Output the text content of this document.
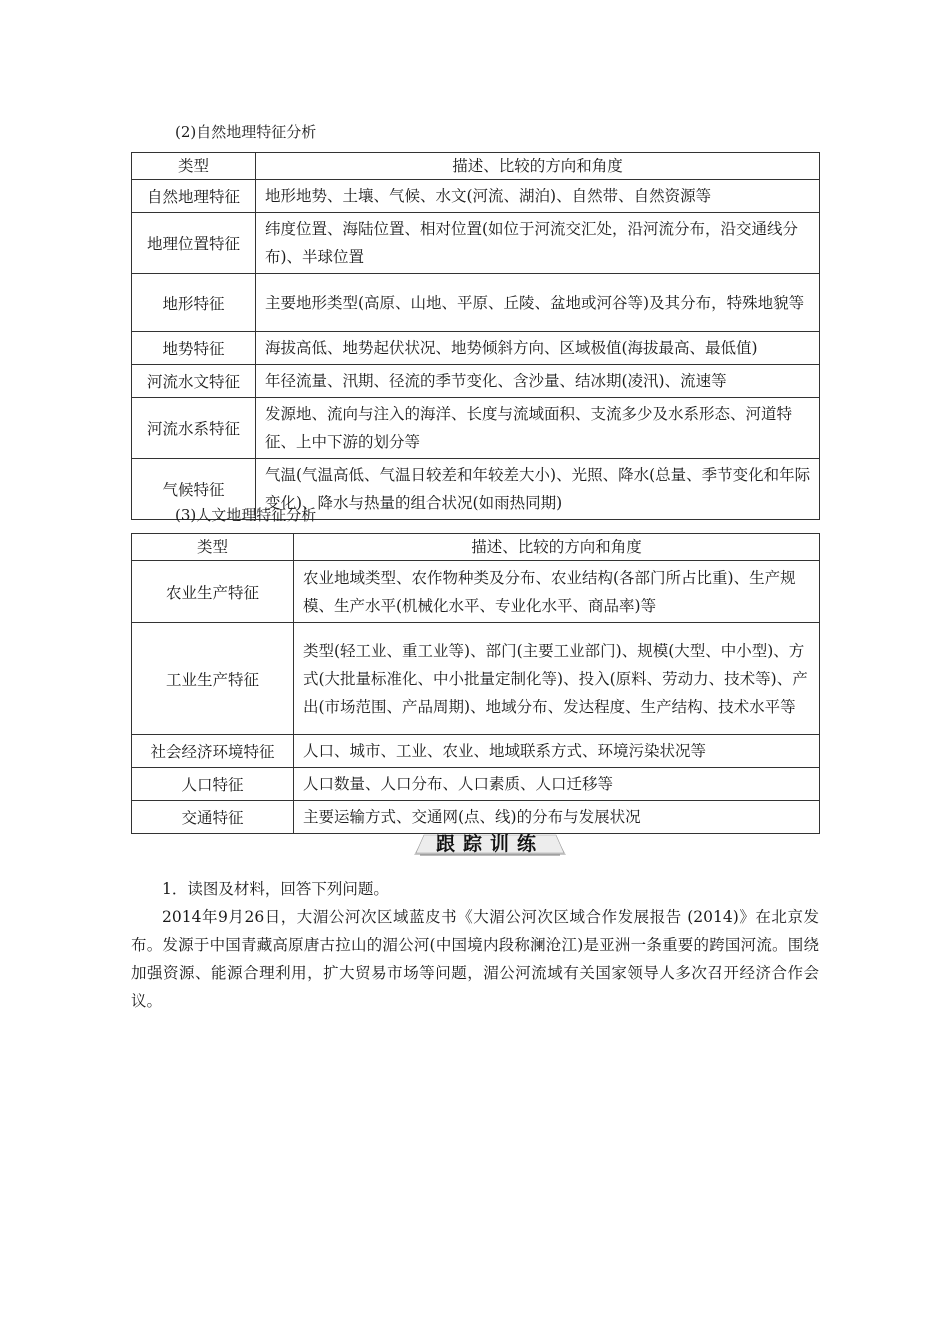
(2)自然地理特征分析
类型	描述、比较的方向和角度
自然地理特征	地形地势、土壤、气候、水文(河流、湖泊)、自然带、自然资源等
地理位置特征	纬度位置、海陆位置、相对位置(如位于河流交汇处，沿河流分布，沿交通线分布)、半球位置
地形特征	主要地形类型(高原、山地、平原、丘陵、盆地或河谷等)及其分布，特殊地貌等
地势特征	海拔高低、地势起伏状况、地势倾斜方向、区域极值(海拔最高、最低值)
河流水文特征	年径流量、汛期、径流的季节变化、含沙量、结冰期(凌汛)、流速等
河流水系特征	发源地、流向与注入的海洋、长度与流域面积、支流多少及水系形态、河道特征、上中下游的划分等
气候特征	气温(气温高低、气温日较差和年较差大小)、光照、降水(总量、季节变化和年际变化)、降水与热量的组合状况(如雨热同期)
(3)人文地理特征分析
类型	描述、比较的方向和角度
农业生产特征	农业地域类型、农作物种类及分布、农业结构(各部门所占比重)、生产规模、生产水平(机械化水平、专业化水平、商品率)等
工业生产特征	类型(轻工业、重工业等)、部门(主要工业部门)、规模(大型、中小型)、方式(大批量标准化、中小批量定制化等)、投入(原料、劳动力、技术等)、产出(市场范围、产品周期)、地域分布、发达程度、生产结构、技术水平等
社会经济环境特征	人口、城市、工业、农业、地域联系方式、环境污染状况等
人口特征	人口数量、人口分布、人口素质、人口迁移等
交通特征	主要运输方式、交通网(点、线)的分布与发展状况
跟踪训练

1．读图及材料，回答下列问题。

2014年9月26日，大湄公河次区域蓝皮书《大湄公河次区域合作发展报告 (2014)》在北京发布。发源于中国青藏高原唐古拉山的湄公河(中国境内段称澜沧江)是亚洲一条重要的跨国河流。围绕加强资源、能源合理利用，扩大贸易市场等问题，湄公河流域有关国家领导人多次召开经济合作会议。
